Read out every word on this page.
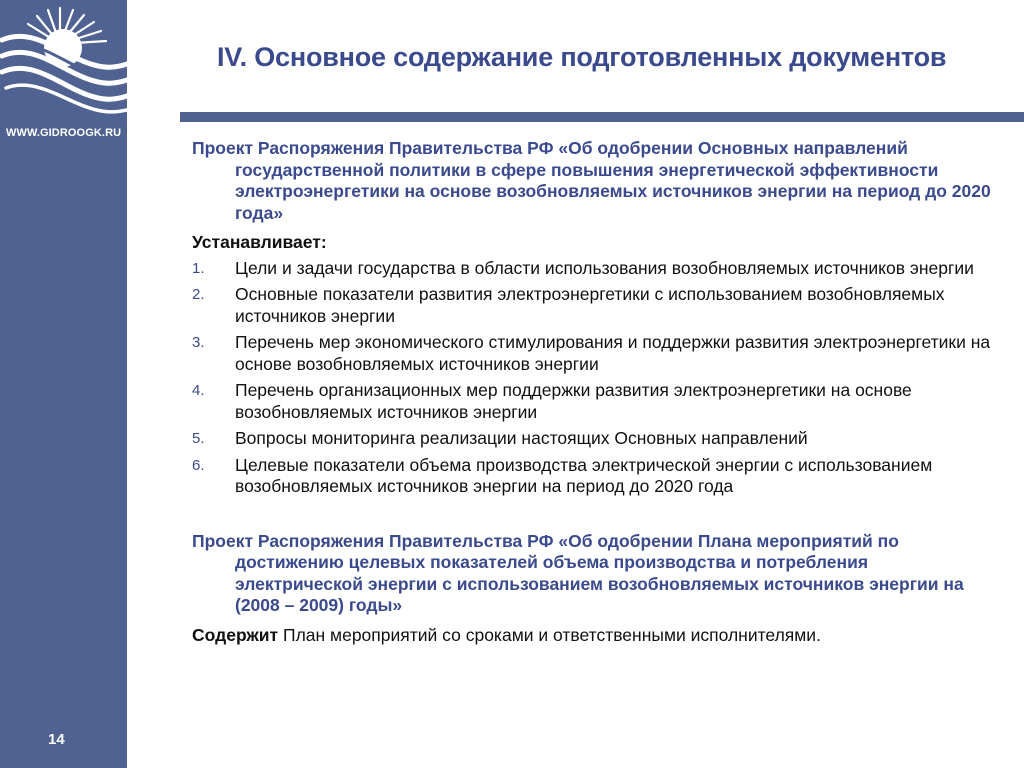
WWW.GIDROOGK.RU
14
IV. Основное содержание подготовленных документов

Проект Распоряжения Правительства РФ «Об одобрении Основных направлений государственной политики в сфере повышения энергетической эффективности электроэнергетики на основе возобновляемых источников энергии на период до 2020 года»

Устанавливает:
1. Цели и задачи государства в области использования возобновляемых источников энергии
2. Основные показатели развития электроэнергетики с использованием возобновляемых источников энергии
3. Перечень мер экономического стимулирования и поддержки развития электроэнергетики на основе возобновляемых источников энергии
4. Перечень организационных мер поддержки развития электроэнергетики на основе возобновляемых источников энергии
5. Вопросы мониторинга реализации настоящих Основных направлений
6. Целевые показатели объема производства электрической энергии с использованием возобновляемых источников энергии на период до 2020 года

Проект Распоряжения Правительства РФ «Об одобрении Плана мероприятий по достижению целевых показателей объема производства и потребления электрической энергии с использованием возобновляемых источников энергии на (2008 – 2009) годы»

Содержит План мероприятий со сроками и ответственными исполнителями.
